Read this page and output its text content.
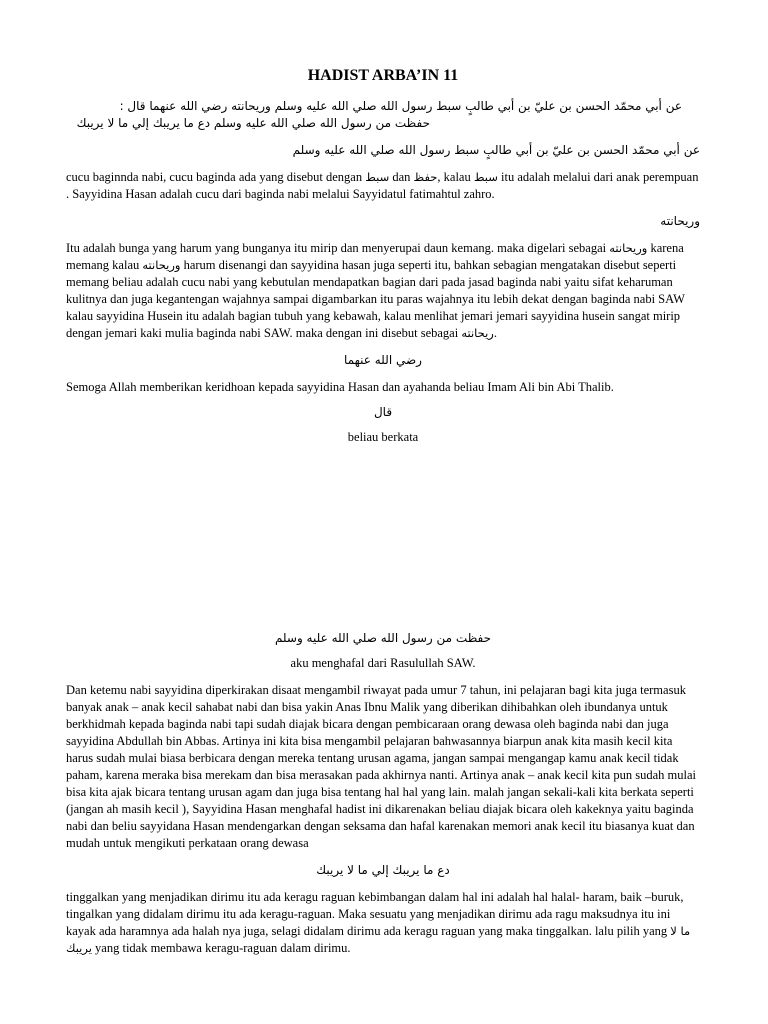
HADIST ARBA’IN 11

عن أبي محمّد الحسن بن عليّ بن أبي طالبٍ سبط رسول الله صلي الله عليه وسلم وريحانته رضي الله عنهما قال :

حفظت من رسول الله صلي الله عليه وسلم دع ما يريبك إلي ما لا يريبك

عن أبي محمّد الحسن بن عليّ بن أبي طالبٍ سبط رسول الله صلي الله عليه وسلم

cucu baginnda nabi, cucu baginda ada yang disebut dengan سبط dan حفظ, kalau سبط itu adalah melalui dari anak perempuan . Sayyidina Hasan adalah cucu dari baginda nabi melalui Sayyidatul fatimahtul zahro.

وريحانته

Itu adalah bunga yang harum yang bunganya itu mirip dan menyerupai daun kemang. maka digelari sebagai وريحانته karena memang kalau وريحانته harum disenangi dan sayyidina hasan juga seperti itu, bahkan sebagian mengatakan disebut seperti memang beliau adalah cucu nabi yang kebutulan mendapatkan bagian dari pada jasad baginda nabi yaitu sifat keharuman kulitnya dan juga kegantengan wajahnya sampai digambarkan itu paras wajahnya itu lebih dekat dengan baginda nabi SAW kalau sayyidina Husein itu adalah bagian tubuh yang kebawah, kalau menlihat jemari jemari sayyidina husein sangat mirip dengan jemari kaki mulia baginda nabi SAW. maka dengan ini disebut sebagai ريحانته.

رضي الله عنهما

Semoga Allah memberikan keridhoan kepada sayyidina Hasan dan ayahanda beliau Imam Ali bin Abi Thalib.

قال

beliau berkata

حفظت من رسول الله صلي الله عليه وسلم

aku menghafal dari Rasulullah SAW.

Dan ketemu nabi sayyidina diperkirakan disaat mengambil riwayat pada umur 7 tahun, ini pelajaran bagi kita juga termasuk banyak anak – anak kecil sahabat nabi dan bisa yakin Anas Ibnu Malik yang diberikan dihibahkan oleh ibundanya untuk berkhidmah kepada baginda nabi tapi sudah diajak bicara dengan pembicaraan orang dewasa oleh baginda nabi dan juga sayyidina Abdullah bin Abbas. Artinya ini kita bisa mengambil pelajaran bahwasannya biarpun anak kita masih kecil kita harus sudah mulai biasa berbicara dengan mereka tentang urusan agama, jangan sampai mengangap kamu anak kecil tidak paham, karena meraka bisa merekam dan bisa merasakan pada akhirnya nanti. Artinya anak – anak kecil kita pun sudah mulai bisa kita ajak bicara tentang urusan agam dan juga bisa tentang hal hal yang lain. malah jangan sekali-kali kita berkata seperti (jangan ah masih kecil ), Sayyidina Hasan menghafal hadist ini dikarenakan beliau diajak bicara oleh kakeknya yaitu baginda nabi dan beliu sayyidana Hasan mendengarkan dengan seksama dan hafal karenakan memori anak kecil itu biasanya kuat dan mudah untuk mengikuti perkataan orang dewasa

دع ما يريبك إلي ما لا يريبك

tinggalkan yang menjadikan dirimu itu ada keragu raguan kebimbangan dalam hal ini adalah hal halal- haram, baik –buruk, tingalkan yang didalam dirimu itu ada keragu-raguan. Maka sesuatu yang menjadikan dirimu ada ragu maksudnya itu ini kayak ada haramnya ada halah nya juga, selagi didalam dirimu ada keragu raguan yang maka tinggalkan. lalu pilih yang ما لا يريبك yang tidak membawa keragu-raguan dalam dirimu.
